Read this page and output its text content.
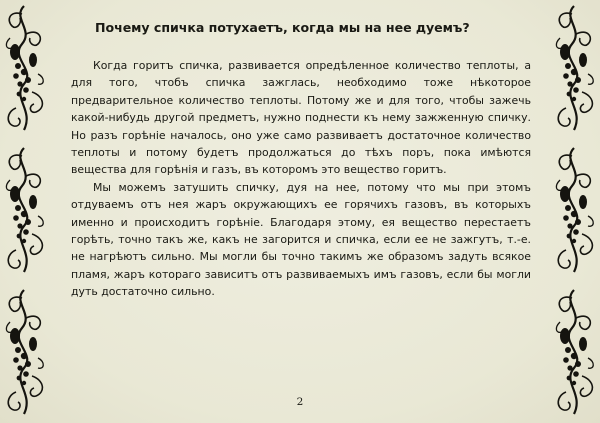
Почему спичка потухаетъ, когда мы на нее дуемъ?

Когда горитъ спичка, развивается опредѣленное количество теплоты, а для того, чтобъ спичка зажглась, необходимо тоже нѣкоторое предварительное количество теплоты. Потому же и для того, чтобы зажечь какой-нибудь другой предметъ, нужно поднести къ нему зажженную спичку. Но разъ горѣнiе началось, оно уже само развиваетъ достаточное количество теплоты и потому будетъ продолжаться до тѣхъ поръ, пока имѣются вещества для горѣнiя и газъ, въ которомъ это вещество горитъ.

Мы можемъ затушить спичку, дуя на нее, потому что мы при этомъ отдуваемъ отъ нея жаръ окружающихъ ее горячихъ газовъ, въ которыхъ именно и происходитъ горѣнiе. Благодаря этому, ея вещество перестаетъ горѣть, точно такъ же, какъ не загорится и спичка, если ее не зажгутъ, т.-е. не нагрѣютъ сильно. Мы могли бы точно такимъ же образомъ задуть всякое пламя, жаръ котораго зависитъ отъ развиваемыхъ имъ газовъ, если бы могли дуть достаточно сильно.

2
